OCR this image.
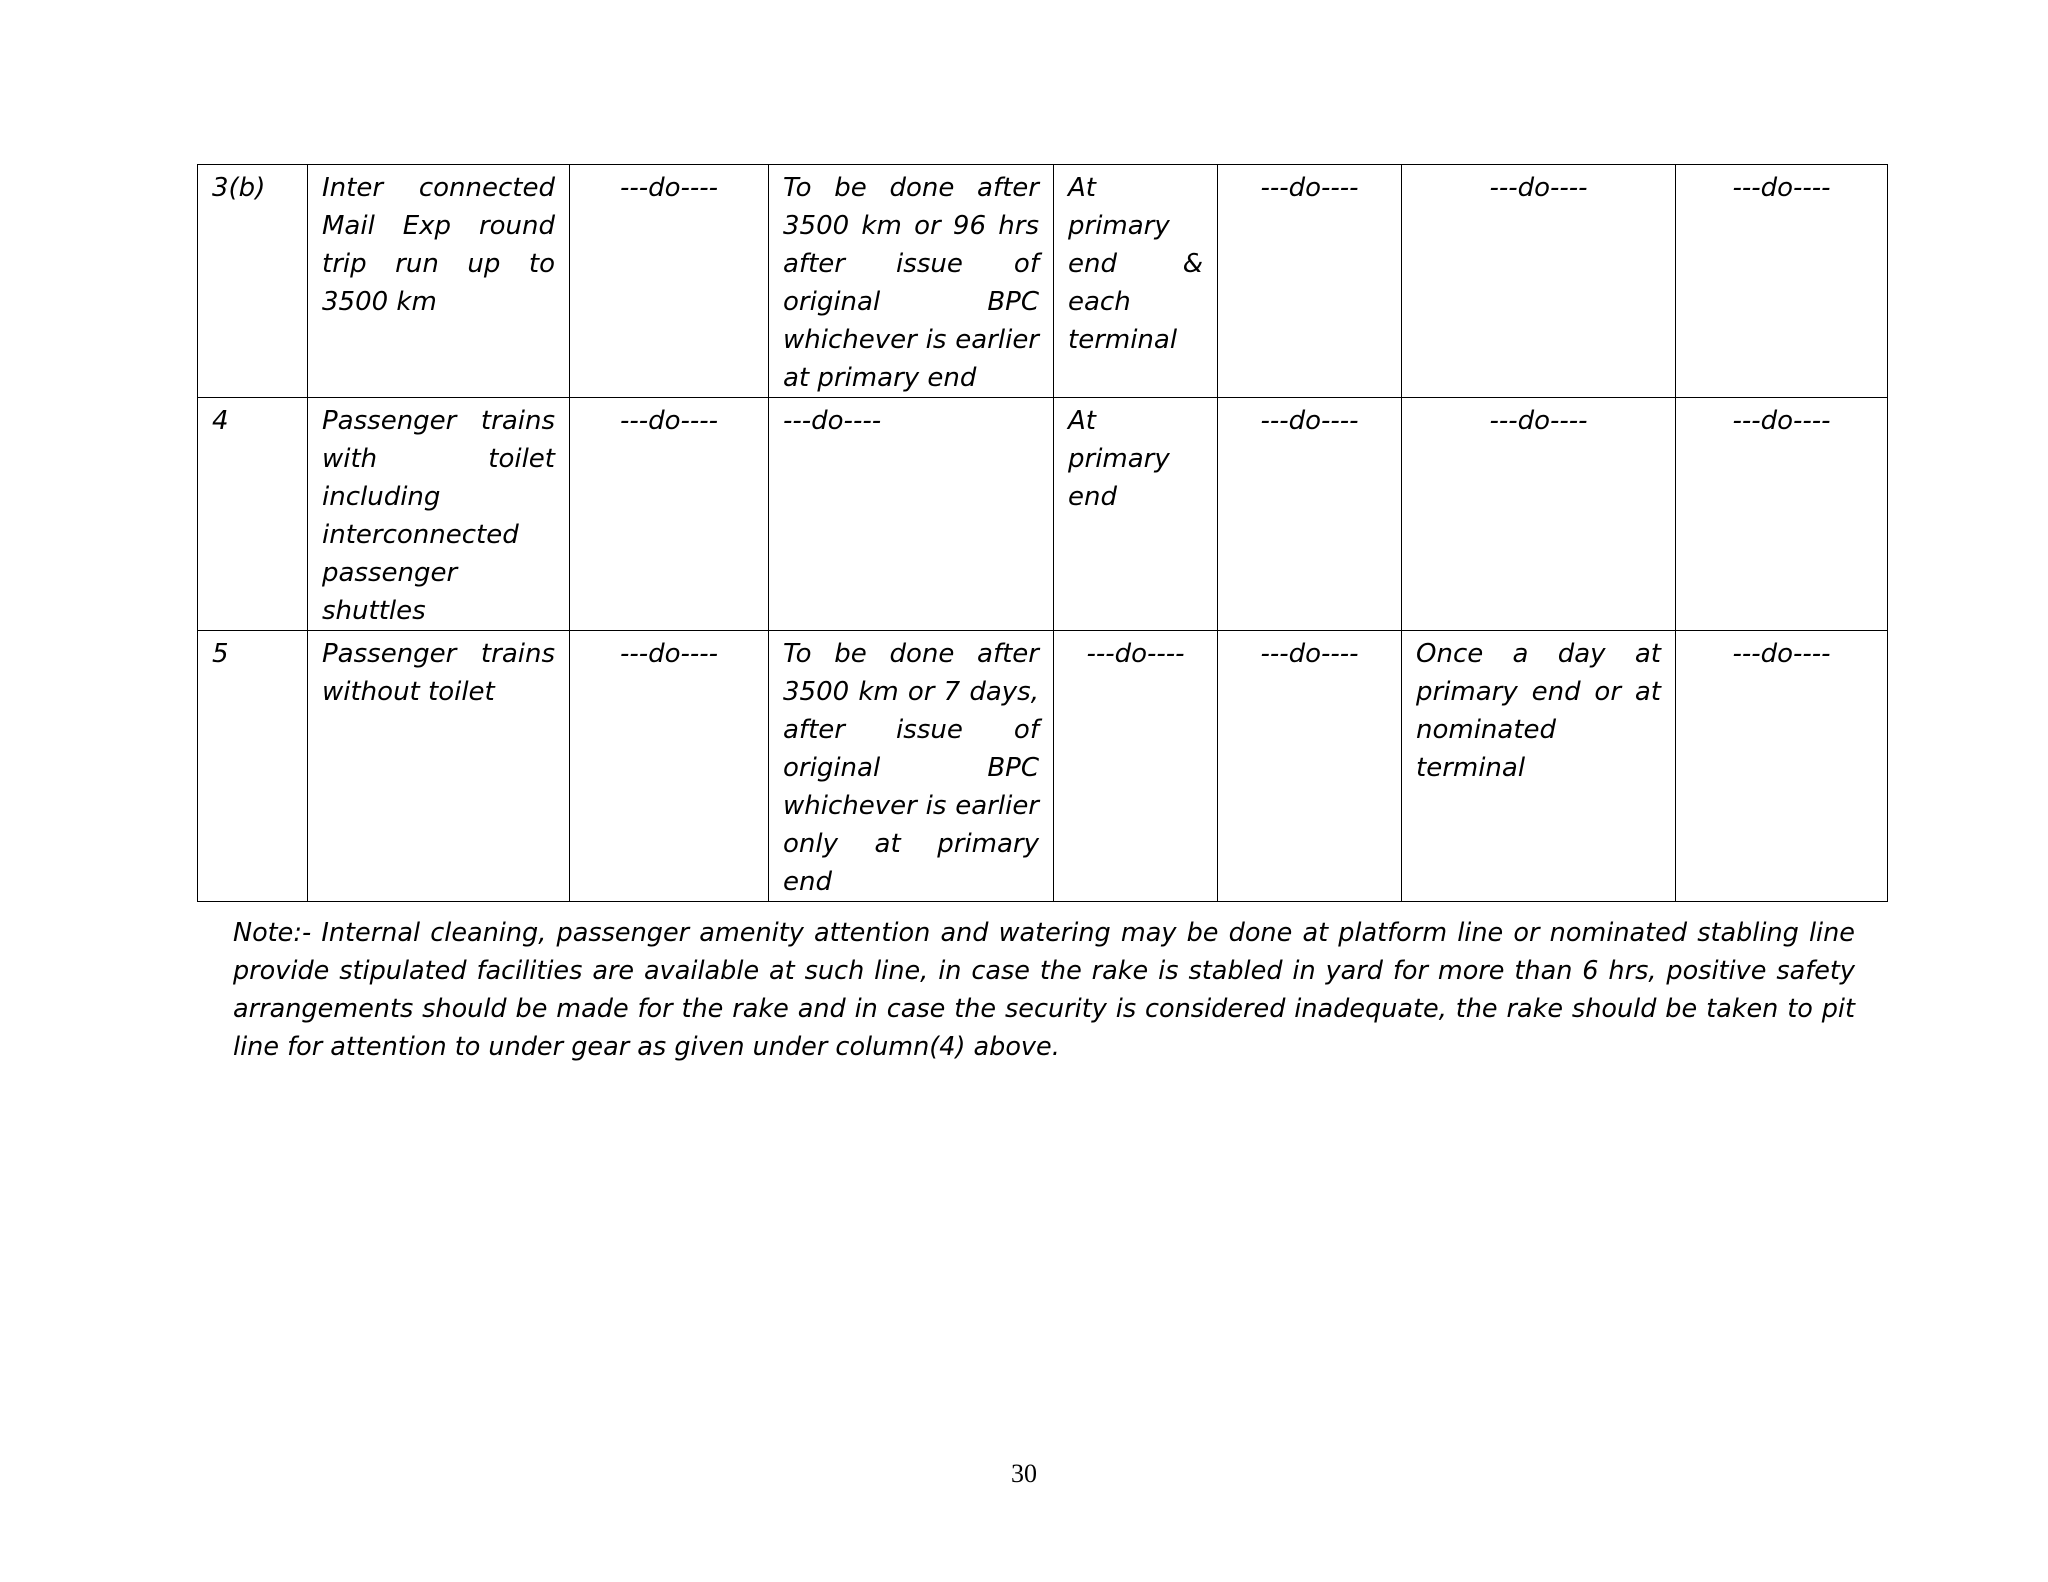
3(b)	Inter connected Mail Exp round trip run up to 3500 km	---do----	To be done after 3500 km or 96 hrs after issue of original BPC whichever is earlier at primary end	At primary end & each terminal	---do----	---do----	---do----
4	Passenger trains with toilet including interconnected passenger shuttles	---do----	---do----	At primary end	---do----	---do----	---do----
5	Passenger trains without toilet	---do----	To be done after 3500 km or 7 days, after issue of original BPC whichever is earlier only at primary end	---do----	---do----	Once a day at primary end or at nominated terminal	---do----

Note:- Internal cleaning, passenger amenity attention and watering may be done at platform line or nominated stabling line provide stipulated facilities are available at such line, in case the rake is stabled in yard for more than 6 hrs, positive safety arrangements should be made for the rake and in case the security is considered inadequate, the rake should be taken to pit line for attention to under gear as given under column(4) above.

30
